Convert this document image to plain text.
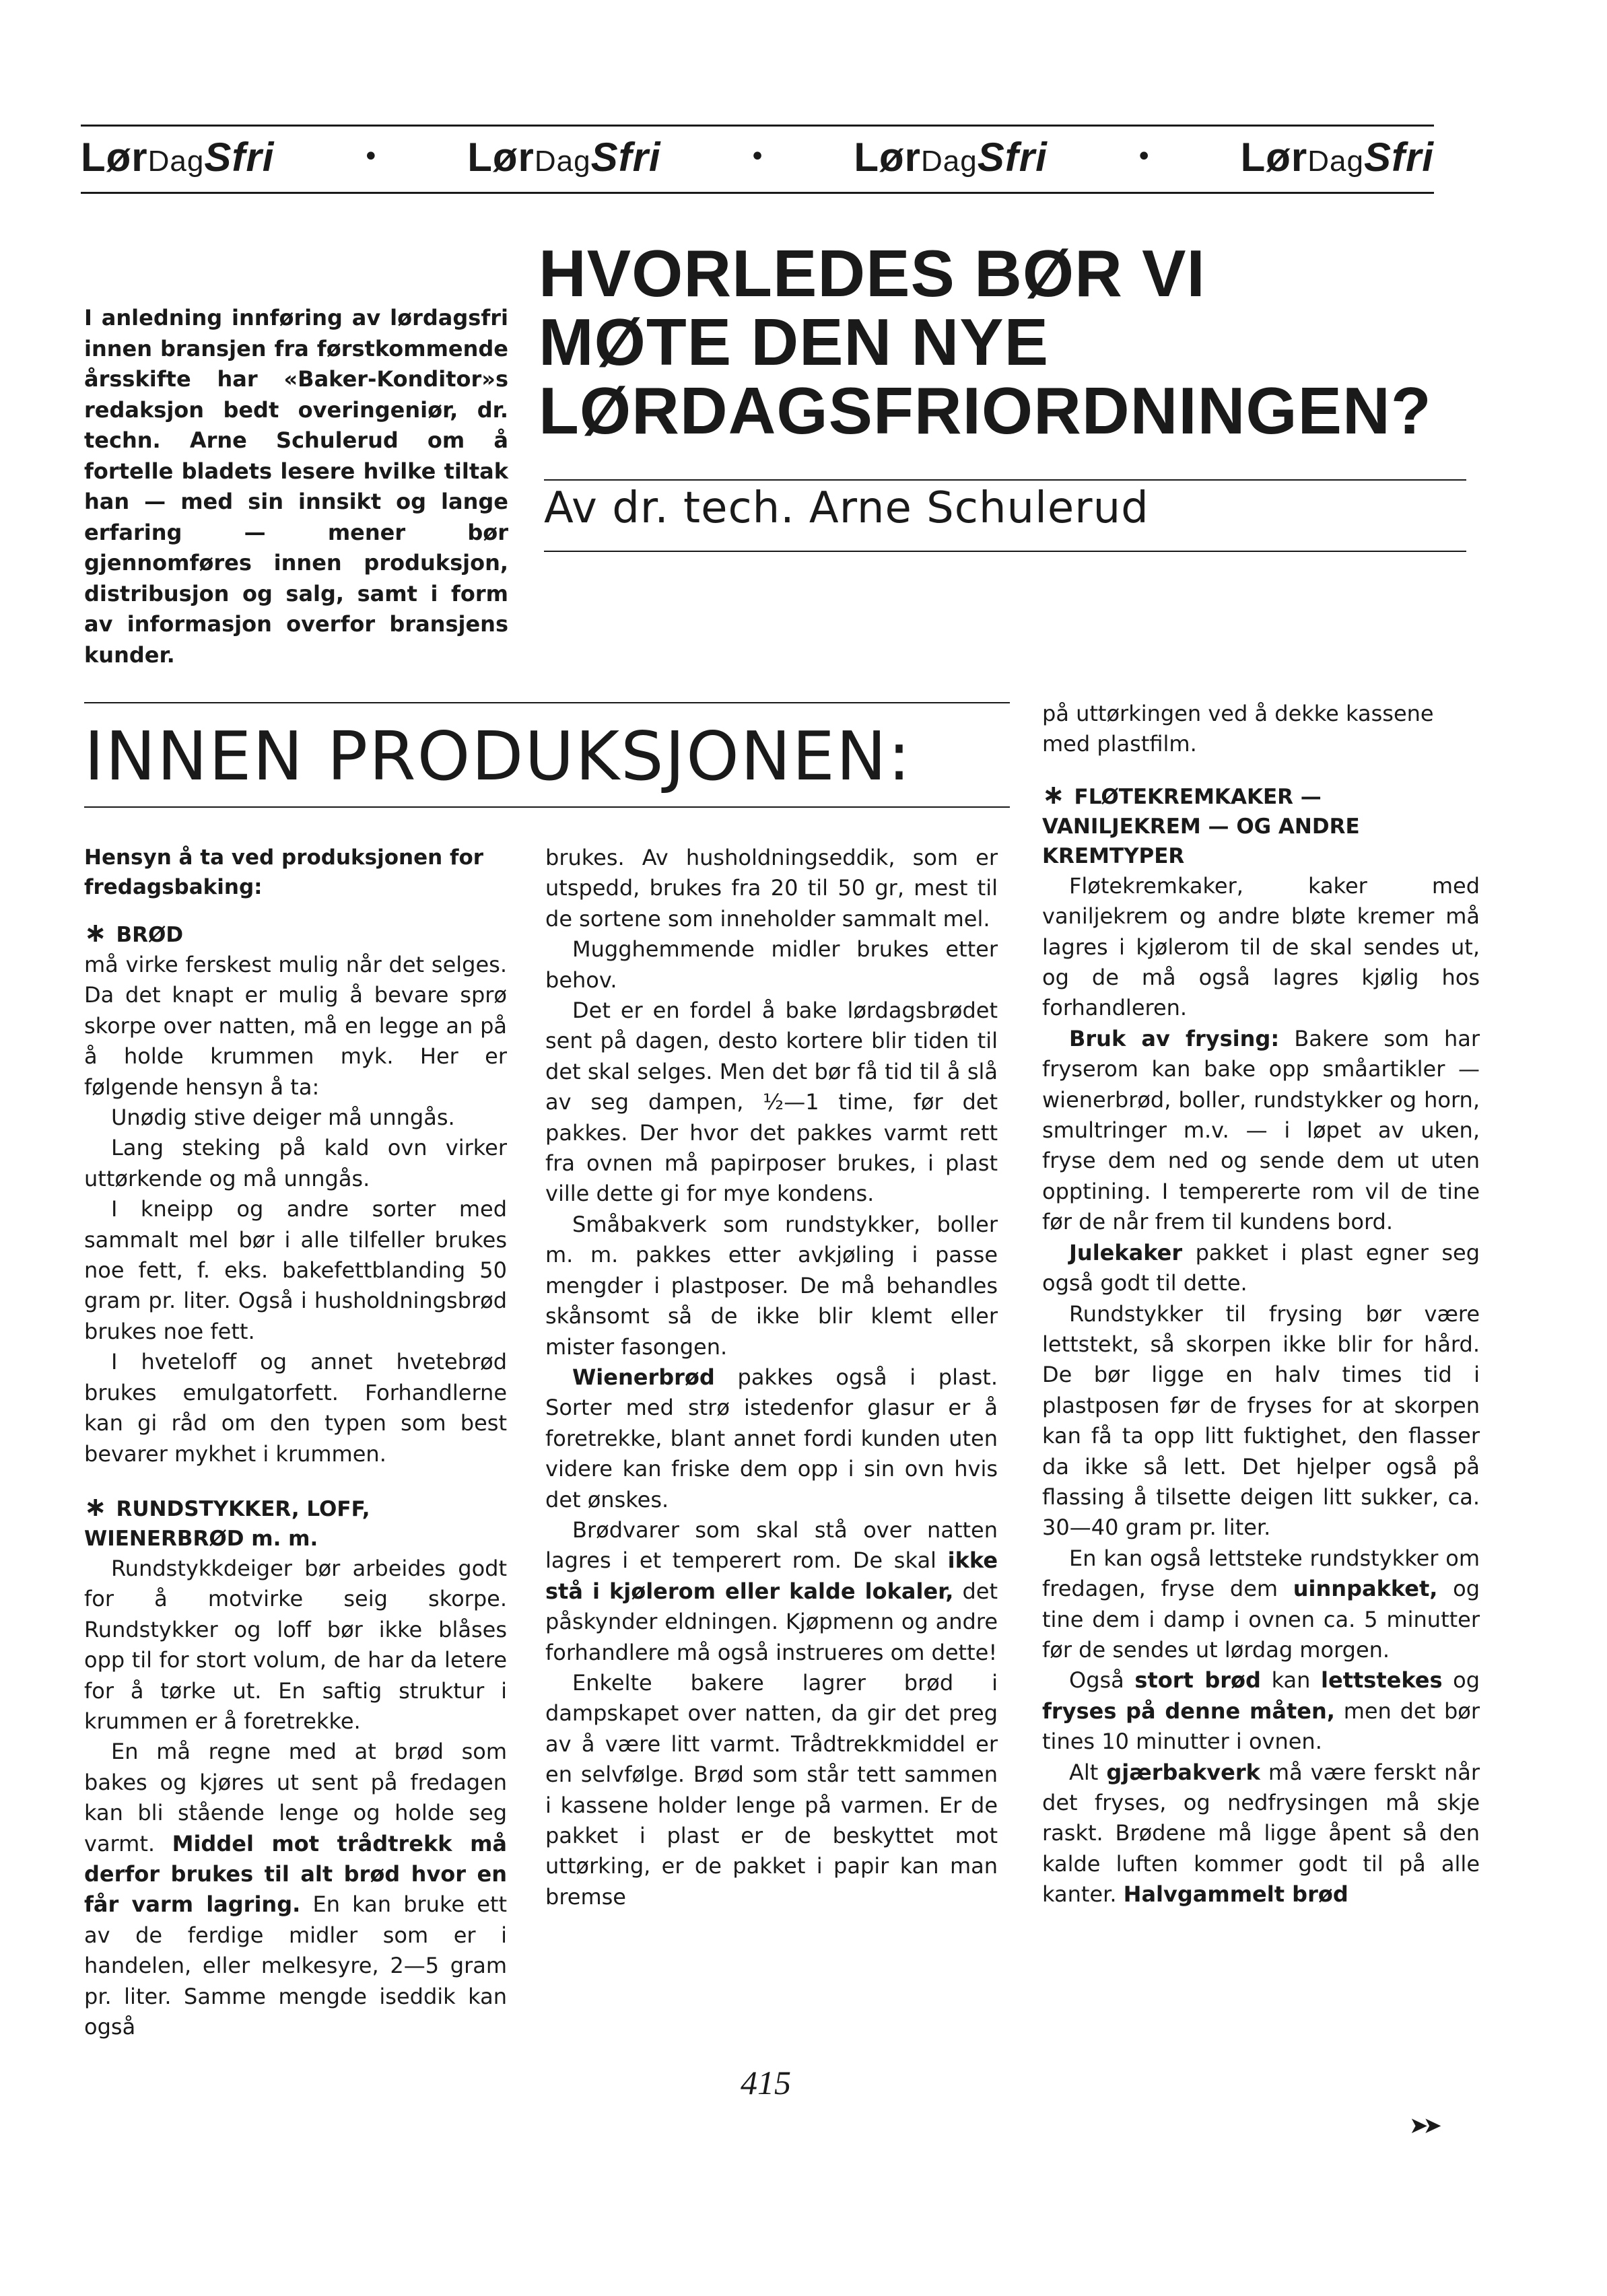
LørDagSfri	• LørDagSfri	• LørDagSfri	• LørDagSfri
I anledning innføring av lørdagsfri innen bransjen fra førstkommende årsskifte har «Baker-Konditor»s redaksjon bedt overingeniør, dr. techn. Arne Schulerud om å fortelle bladets lesere hvilke tiltak han — med sin innsikt og lange erfaring — mener bør gjennomføres innen produksjon, distribusjon og salg, samt i form av informasjon overfor bransjens kunder.
HVORLEDES BØR VI
MØTE DEN NYE
LØRDAGSFRIORDNINGEN?
Av dr. tech. Arne Schulerud
INNEN PRODUKSJONEN:

Hensyn å ta ved produksjonen for fredagsbaking:

∗ BRØD

må virke ferskest mulig når det selges. Da det knapt er mulig å bevare sprø skorpe over natten, må en legge an på å holde krummen myk. Her er følgende hensyn å ta:

Unødig stive deiger må unngås.

Lang steking på kald ovn virker uttørkende og må unngås.

I kneipp og andre sorter med sammalt mel bør i alle tilfeller brukes noe fett, f. eks. bakefettblanding 50 gram pr. liter. Også i husholdningsbrød brukes noe fett.

I hveteloff og annet hvetebrød brukes emulgatorfett. Forhandlerne kan gi råd om den typen som best bevarer mykhet i krummen.

∗ RUNDSTYKKER, LOFF, WIENERBRØD m. m.

Rundstykkdeiger bør arbeides godt for å motvirke seig skorpe. Rundstykker og loff bør ikke blåses opp til for stort volum, de har da letere for å tørke ut. En saftig struktur i krummen er å foretrekke.

En må regne med at brød som bakes og kjøres ut sent på fredagen kan bli stående lenge og holde seg varmt. Middel mot trådtrekk må derfor brukes til alt brød hvor en får varm lagring. En kan bruke ett av de ferdige midler som er i handelen, eller melkesyre, 2—5 gram pr. liter. Samme mengde iseddik kan også

brukes. Av husholdningseddik, som er utspedd, brukes fra 20 til 50 gr, mest til de sortene som inneholder sammalt mel.

Mugghemmende midler brukes etter behov.

Det er en fordel å bake lørdagsbrødet sent på dagen, desto kortere blir tiden til det skal selges. Men det bør få tid til å slå av seg dampen, ½—1 time, før det pakkes. Der hvor det pakkes varmt rett fra ovnen må papirposer brukes, i plast ville dette gi for mye kondens.

Småbakverk som rundstykker, boller m. m. pakkes etter avkjøling i passe mengder i plastposer. De må behandles skånsomt så de ikke blir klemt eller mister fasongen.

Wienerbrød pakkes også i plast. Sorter med strø istedenfor glasur er å foretrekke, blant annet fordi kunden uten videre kan friske dem opp i sin ovn hvis det ønskes.

Brødvarer som skal stå over natten lagres i et temperert rom. De skal ikke stå i kjølerom eller kalde lokaler, det påskynder eldningen. Kjøpmenn og andre forhandlere må også instrueres om dette!

Enkelte bakere lagrer brød i dampskapet over natten, da gir det preg av å være litt varmt. Trådtrekkmiddel er en selvfølge. Brød som står tett sammen i kassene holder lenge på varmen. Er de pakket i plast er de beskyttet mot uttørking, er de pakket i papir kan man bremse

på uttørkingen ved å dekke kassene med plastfilm.

∗ FLØTEKREMKAKER — VANILJEKREM — OG ANDRE KREMTYPER

Fløtekremkaker, kaker med vaniljekrem og andre bløte kremer må lagres i kjølerom til de skal sendes ut, og de må også lagres kjølig hos forhandleren.

Bruk av frysing: Bakere som har fryserom kan bake opp småartikler — wienerbrød, boller, rundstykker og horn, smultringer m.v. — i løpet av uken, fryse dem ned og sende dem ut uten opptining. I tempererte rom vil de tine før de når frem til kundens bord.

Julekaker pakket i plast egner seg også godt til dette.

Rundstykker til frysing bør være lettstekt, så skorpen ikke blir for hård. De bør ligge en halv times tid i plastposen før de fryses for at skorpen kan få ta opp litt fuktighet, den flasser da ikke så lett. Det hjelper også på flassing å tilsette deigen litt sukker, ca. 30—40 gram pr. liter.

En kan også lettsteke rundstykker om fredagen, fryse dem uinnpakket, og tine dem i damp i ovnen ca. 5 minutter før de sendes ut lørdag morgen.

Også stort brød kan lettstekes og fryses på denne måten, men det bør tines 10 minutter i ovnen.

Alt gjærbakverk må være ferskt når det fryses, og nedfrysingen må skje raskt. Brødene må ligge åpent så den kalde luften kommer godt til på alle kanter. Halvgammelt brød

➤➤
415
